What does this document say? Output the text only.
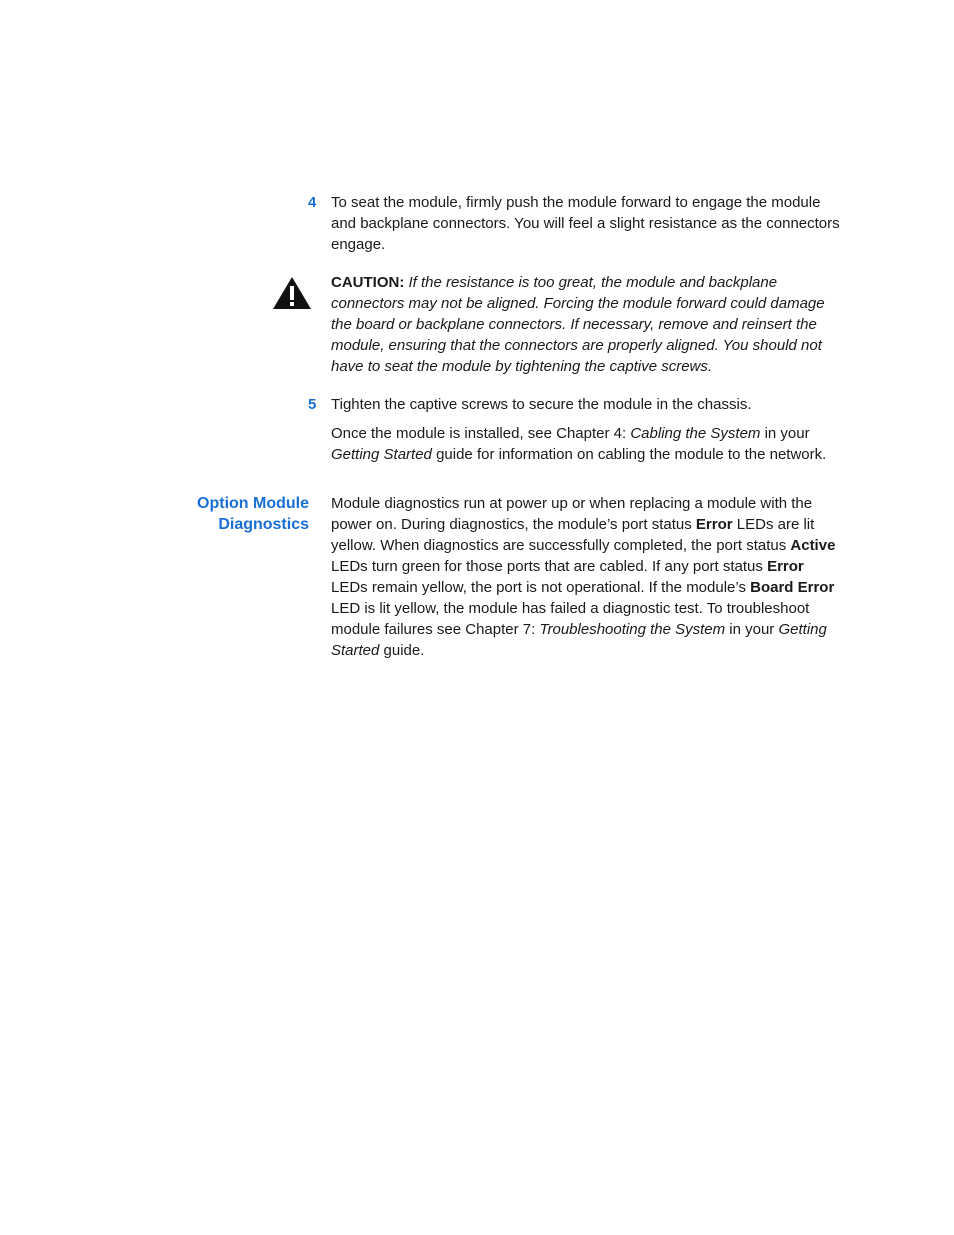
4 To seat the module, firmly push the module forward to engage the module and backplane connectors. You will feel a slight resistance as the connectors engage.
CAUTION: If the resistance is too great, the module and backplane connectors may not be aligned. Forcing the module forward could damage the board or backplane connectors. If necessary, remove and reinsert the module, ensuring that the connectors are properly aligned. You should not have to seat the module by tightening the captive screws.
5 Tighten the captive screws to secure the module in the chassis.
Once the module is installed, see Chapter 4: Cabling the System in your Getting Started guide for information on cabling the module to the network.
Option Module
Diagnostics
Module diagnostics run at power up or when replacing a module with the power on. During diagnostics, the module’s port status Error LEDs are lit yellow. When diagnostics are successfully completed, the port status Active LEDs turn green for those ports that are cabled. If any port status Error LEDs remain yellow, the port is not operational. If the module’s Board Error LED is lit yellow, the module has failed a diagnostic test. To troubleshoot module failures see Chapter 7: Troubleshooting the System in your Getting Started guide.
